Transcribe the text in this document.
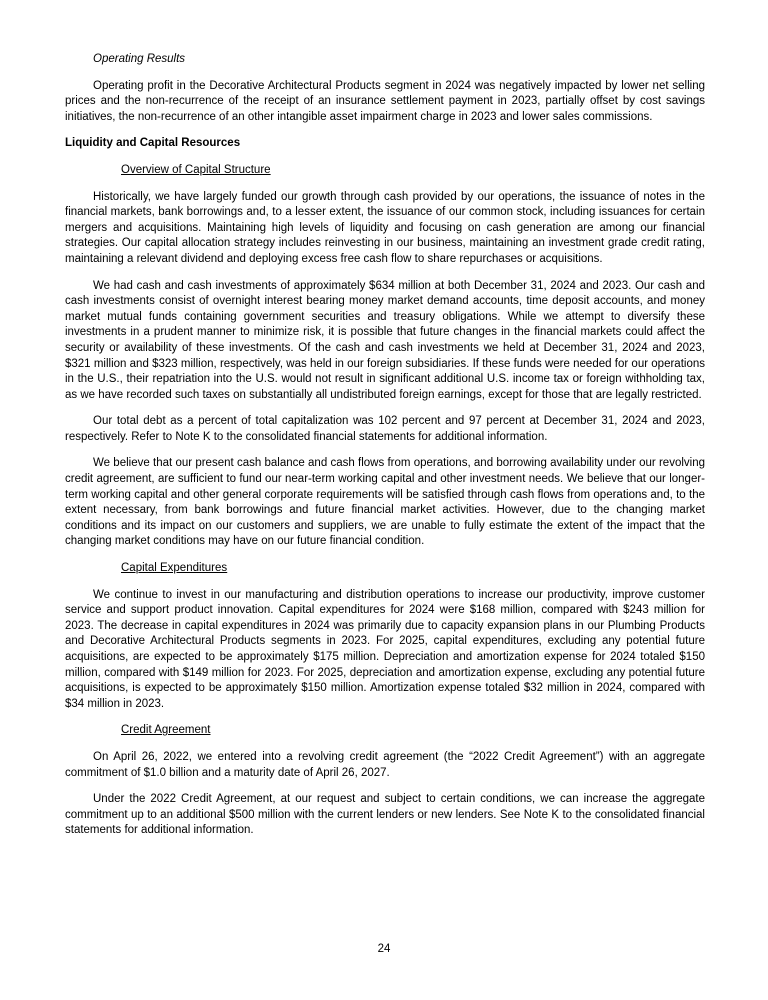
Operating Results

Operating profit in the Decorative Architectural Products segment in 2024 was negatively impacted by lower net selling prices and the non-recurrence of the receipt of an insurance settlement payment in 2023, partially offset by cost savings initiatives, the non-recurrence of an other intangible asset impairment charge in 2023 and lower sales commissions.

Liquidity and Capital Resources
Overview of Capital Structure

Historically, we have largely funded our growth through cash provided by our operations, the issuance of notes in the financial markets, bank borrowings and, to a lesser extent, the issuance of our common stock, including issuances for certain mergers and acquisitions. Maintaining high levels of liquidity and focusing on cash generation are among our financial strategies. Our capital allocation strategy includes reinvesting in our business, maintaining an investment grade credit rating, maintaining a relevant dividend and deploying excess free cash flow to share repurchases or acquisitions.

We had cash and cash investments of approximately $634 million at both December 31, 2024 and 2023. Our cash and cash investments consist of overnight interest bearing money market demand accounts, time deposit accounts, and money market mutual funds containing government securities and treasury obligations. While we attempt to diversify these investments in a prudent manner to minimize risk, it is possible that future changes in the financial markets could affect the security or availability of these investments. Of the cash and cash investments we held at December 31, 2024 and 2023, $321 million and $323 million, respectively, was held in our foreign subsidiaries. If these funds were needed for our operations in the U.S., their repatriation into the U.S. would not result in significant additional U.S. income tax or foreign withholding tax, as we have recorded such taxes on substantially all undistributed foreign earnings, except for those that are legally restricted.

Our total debt as a percent of total capitalization was 102 percent and 97 percent at December 31, 2024 and 2023, respectively. Refer to Note K to the consolidated financial statements for additional information.

We believe that our present cash balance and cash flows from operations, and borrowing availability under our revolving credit agreement, are sufficient to fund our near-term working capital and other investment needs. We believe that our longer-term working capital and other general corporate requirements will be satisfied through cash flows from operations and, to the extent necessary, from bank borrowings and future financial market activities. However, due to the changing market conditions and its impact on our customers and suppliers, we are unable to fully estimate the extent of the impact that the changing market conditions may have on our future financial condition.

Capital Expenditures

We continue to invest in our manufacturing and distribution operations to increase our productivity, improve customer service and support product innovation. Capital expenditures for 2024 were $168 million, compared with $243 million for 2023. The decrease in capital expenditures in 2024 was primarily due to capacity expansion plans in our Plumbing Products and Decorative Architectural Products segments in 2023. For 2025, capital expenditures, excluding any potential future acquisitions, are expected to be approximately $175 million. Depreciation and amortization expense for 2024 totaled $150 million, compared with $149 million for 2023. For 2025, depreciation and amortization expense, excluding any potential future acquisitions, is expected to be approximately $150 million. Amortization expense totaled $32 million in 2024, compared with $34 million in 2023.

Credit Agreement

On April 26, 2022, we entered into a revolving credit agreement (the “2022 Credit Agreement”) with an aggregate commitment of $1.0 billion and a maturity date of April 26, 2027.

Under the 2022 Credit Agreement, at our request and subject to certain conditions, we can increase the aggregate commitment up to an additional $500 million with the current lenders or new lenders. See Note K to the consolidated financial statements for additional information.

24
